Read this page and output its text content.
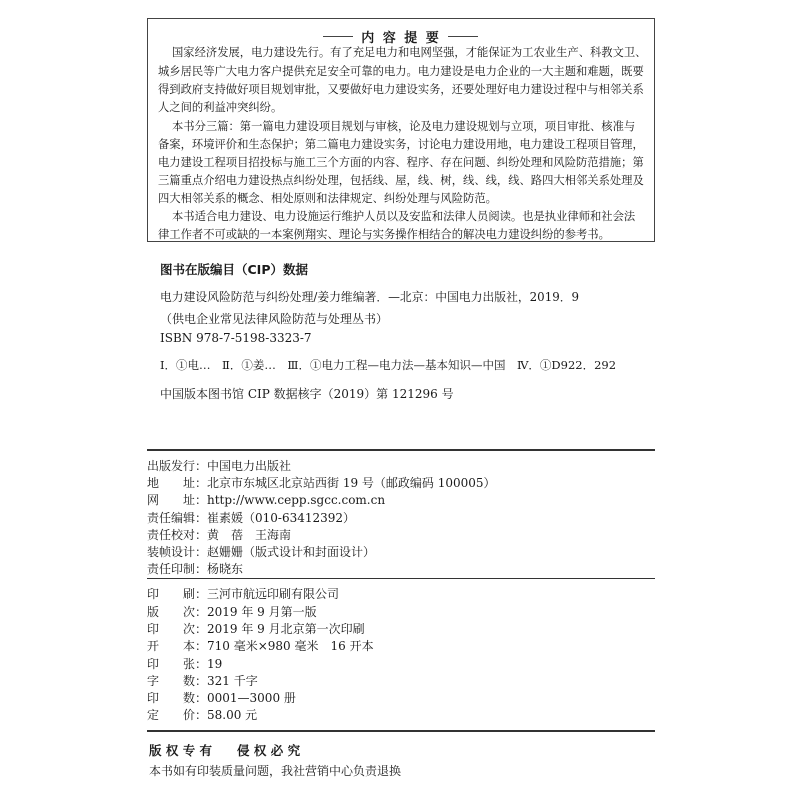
内 容 提 要
国家经济发展，电力建设先行。有了充足电力和电网坚强，才能保证为工农业生产、科教文卫、
城乡居民等广大电力客户提供充足安全可靠的电力。电力建设是电力企业的一大主题和难题，既要
得到政府支持做好项目规划审批，又要做好电力建设实务，还要处理好电力建设过程中与相邻关系
人之间的利益冲突纠纷。
本书分三篇：第一篇电力建设项目规划与审核，论及电力建设规划与立项，项目审批、核准与
备案，环境评价和生态保护；第二篇电力建设实务，讨论电力建设用地，电力建设工程项目管理，
电力建设工程项目招投标与施工三个方面的内容、程序、存在问题、纠纷处理和风险防范措施；第
三篇重点介绍电力建设热点纠纷处理，包括线、屋，线、树，线、线，线、路四大相邻关系处理及
四大相邻关系的概念、相处原则和法律规定、纠纷处理与风险防范。
本书适合电力建设、电力设施运行维护人员以及安监和法律人员阅读。也是执业律师和社会法
律工作者不可或缺的一本案例翔实、理论与实务操作相结合的解决电力建设纠纷的参考书。
图书在版编目（CIP）数据
电力建设风险防范与纠纷处理/姜力维编著．—北京：中国电力出版社，2019．9
（供电企业常见法律风险防范与处理丛书）
ISBN 978-7-5198-3323-7
Ⅰ．①电…　Ⅱ．①姜…　Ⅲ．①电力工程—电力法—基本知识—中国　Ⅳ．①D922．292
中国版本图书馆 CIP 数据核字（2019）第 121296 号
出版发行：中国电力出版社
地　　址：北京市东城区北京站西街 19 号（邮政编码 100005）
网　　址：http://www.cepp.sgcc.com.cn
责任编辑：崔素媛（010-63412392）
责任校对：黄　蓓　王海南
装帧设计：赵姗姗（版式设计和封面设计）
责任印制：杨晓东
印　　刷：三河市航远印刷有限公司
版　　次：2019 年 9 月第一版
印　　次：2019 年 9 月北京第一次印刷
开　　本：710 毫米×980 毫米　16 开本
印　　张：19
字　　数：321 千字
印　　数：0001—3000 册
定　　价：58.00 元
版 权 专 有　　侵 权 必 究
本书如有印装质量问题，我社营销中心负责退换
